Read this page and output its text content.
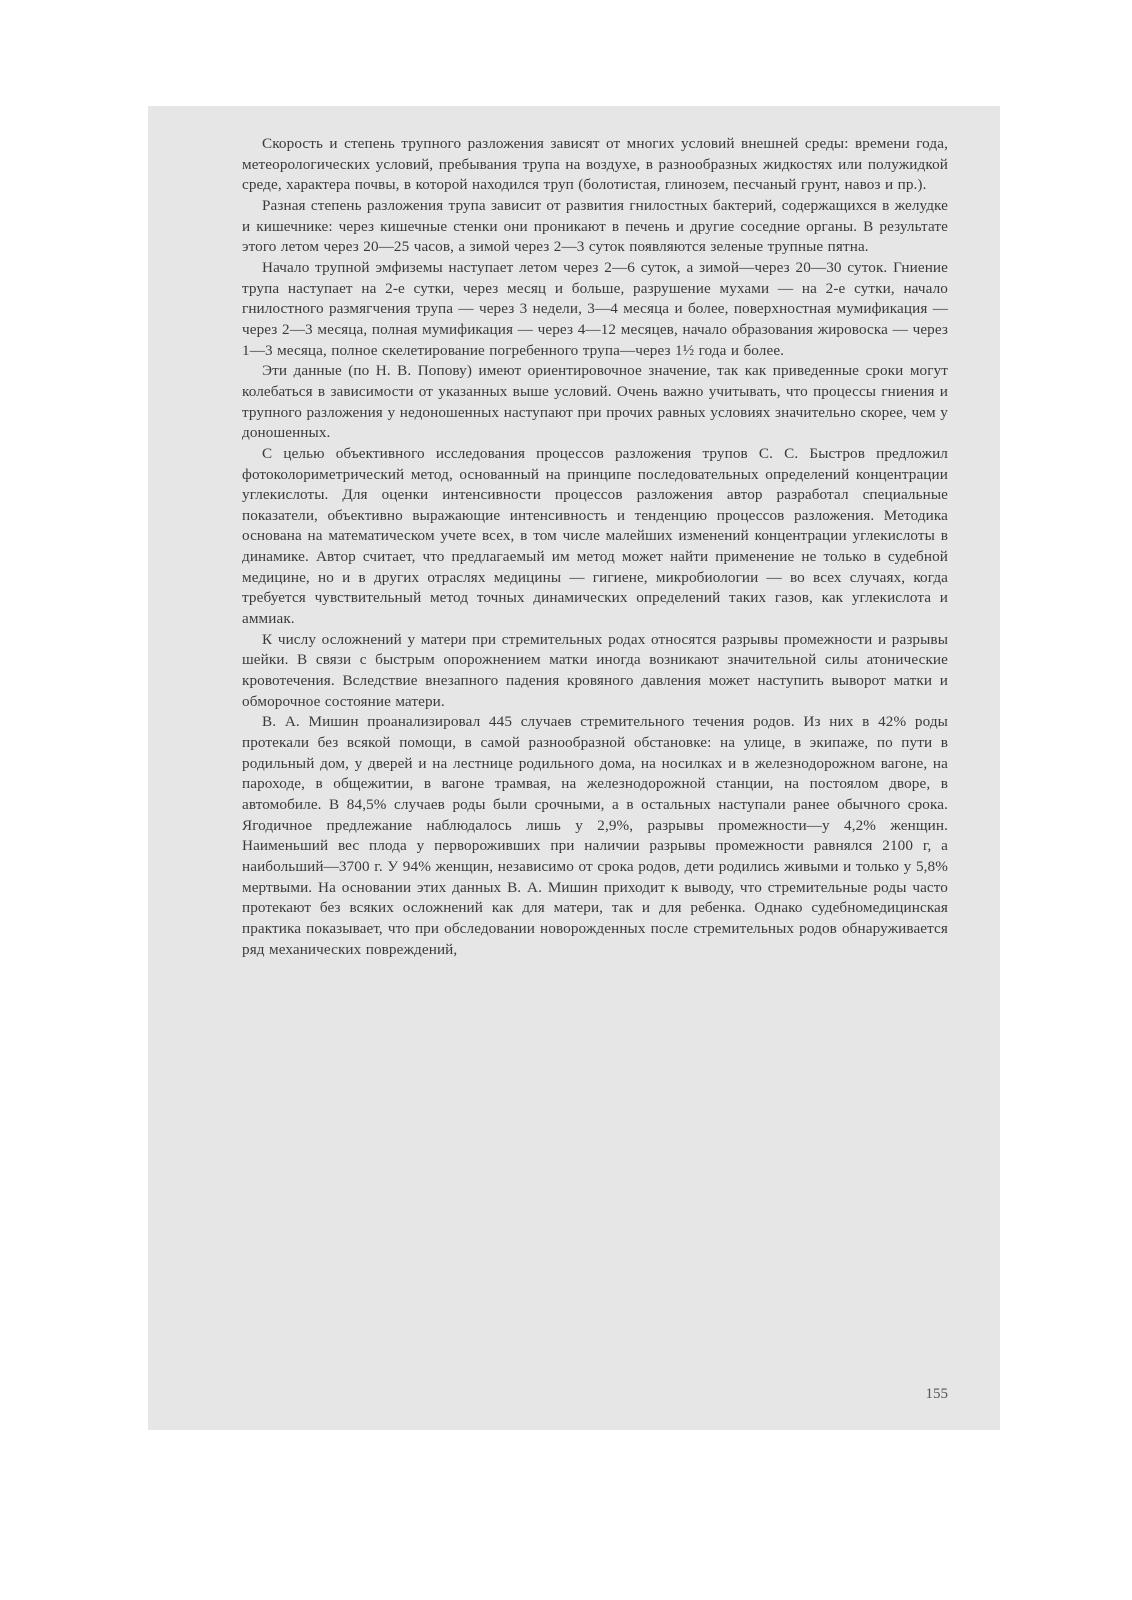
Скорость и степень трупного разложения зависят от многих условий внешней среды: времени года, метеорологических условий, пребывания трупа на воздухе, в разнообразных жидкостях или полужидкой среде, характера почвы, в которой находился труп (болотистая, глинозем, песчаный грунт, навоз и пр.).

Разная степень разложения трупа зависит от развития гнилостных бактерий, содержащихся в желудке и кишечнике: через кишечные стенки они проникают в печень и другие соседние органы. В результате этого летом через 20—25 часов, а зимой через 2—3 суток появляются зеленые трупные пятна.

Начало трупной эмфиземы наступает летом через 2—6 суток, а зимой—через 20—30 суток. Гниение трупа наступает на 2-е сутки, через месяц и больше, разрушение мухами — на 2-е сутки, начало гнилостного размягчения трупа — через 3 недели, 3—4 месяца и более, поверхностная мумификация — через 2—3 месяца, полная мумификация — через 4—12 месяцев, начало образования жировоска — через 1—3 месяца, полное скелетирование погребенного трупа—через 1½ года и более.

Эти данные (по Н. В. Попову) имеют ориентировочное значение, так как приведенные сроки могут колебаться в зависимости от указанных выше условий. Очень важно учитывать, что процессы гниения и трупного разложения у недоношенных наступают при прочих равных условиях значительно скорее, чем у доношенных.

С целью объективного исследования процессов разложения трупов С. С. Быстров предложил фотоколориметрический метод, основанный на принципе последовательных определений концентрации углекислоты. Для оценки интенсивности процессов разложения автор разработал специальные показатели, объективно выражающие интенсивность и тенденцию процессов разложения. Методика основана на математическом учете всех, в том числе малейших изменений концентрации углекислоты в динамике. Автор считает, что предлагаемый им метод может найти применение не только в судебной медицине, но и в других отраслях медицины — гигиене, микробиологии — во всех случаях, когда требуется чувствительный метод точных динамических определений таких газов, как углекислота и аммиак.

К числу осложнений у матери при стремительных родах относятся разрывы промежности и разрывы шейки. В связи с быстрым опорожнением матки иногда возникают значительной силы атонические кровотечения. Вследствие внезапного падения кровяного давления может наступить выворот матки и обморочное состояние матери.

В. А. Мишин проанализировал 445 случаев стремительного течения родов. Из них в 42% роды протекали без всякой помощи, в самой разнообразной обстановке: на улице, в экипаже, по пути в родильный дом, у дверей и на лестнице родильного дома, на носилках и в железнодорожном вагоне, на пароходе, в общежитии, в вагоне трамвая, на железнодорожной станции, на постоялом дворе, в автомобиле. В 84,5% случаев роды были срочными, а в остальных наступали ранее обычного срока. Ягодичное предлежание наблюдалось лишь у 2,9%, разрывы промежности—у 4,2% женщин. Наименьший вес плода у первороживших при наличии разрывы промежности равнялся 2100 г, а наибольший—3700 г. У 94% женщин, независимо от срока родов, дети родились живыми и только у 5,8% мертвыми. На основании этих данных В. А. Мишин приходит к выводу, что стремительные роды часто протекают без всяких осложнений как для матери, так и для ребенка. Однако судебномедицинская практика показывает, что при обследовании новорожденных после стремительных родов обнаруживается ряд механических повреждений,

155
